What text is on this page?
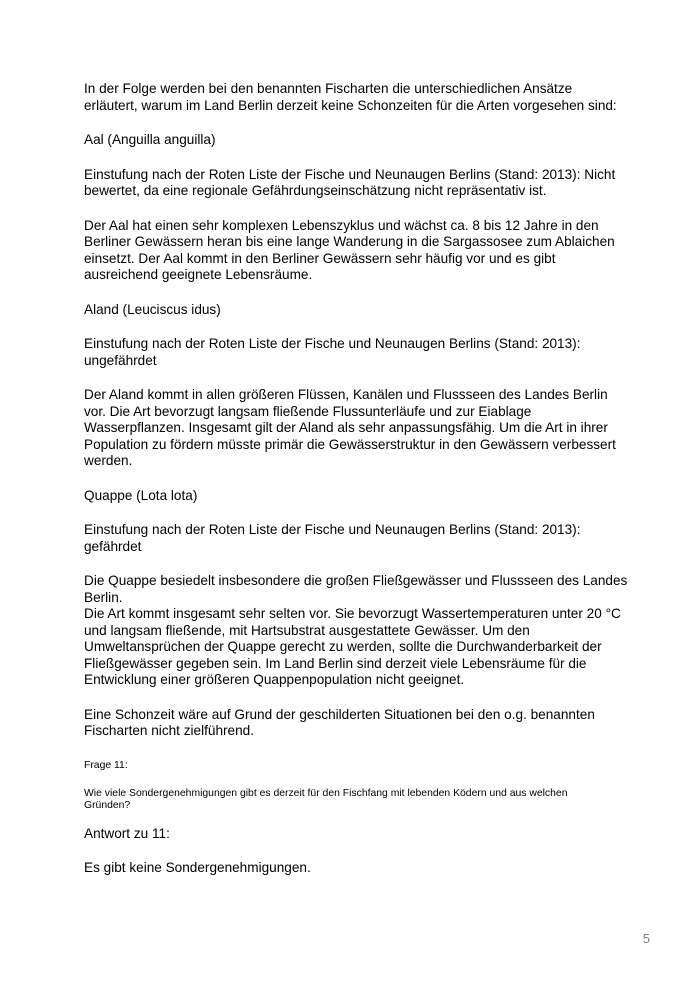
In der Folge werden bei den benannten Fischarten die unterschiedlichen Ansätze
erläutert, warum im Land Berlin derzeit keine Schonzeiten für die Arten vorgesehen sind:

Aal (Anguilla anguilla)

Einstufung nach der Roten Liste der Fische und Neunaugen Berlins (Stand: 2013): Nicht
bewertet, da eine regionale Gefährdungseinschätzung nicht repräsentativ ist.

Der Aal hat einen sehr komplexen Lebenszyklus und wächst ca. 8 bis 12 Jahre in den
Berliner Gewässern heran bis eine lange Wanderung in die Sargassosee zum Ablaichen
einsetzt. Der Aal kommt in den Berliner Gewässern sehr häufig vor und es gibt
ausreichend geeignete Lebensräume.

Aland (Leuciscus idus)

Einstufung nach der Roten Liste der Fische und Neunaugen Berlins (Stand: 2013):
ungefährdet

Der Aland kommt in allen größeren Flüssen, Kanälen und Flussseen des Landes Berlin
vor. Die Art bevorzugt langsam fließende Flussunterläufe und zur Eiablage
Wasserpflanzen. Insgesamt gilt der Aland als sehr anpassungsfähig. Um die Art in ihrer
Population zu fördern müsste primär die Gewässerstruktur in den Gewässern verbessert
werden.

Quappe (Lota lota)

Einstufung nach der Roten Liste der Fische und Neunaugen Berlins (Stand: 2013):
gefährdet

Die Quappe besiedelt insbesondere die großen Fließgewässer und Flussseen des Landes
Berlin.
Die Art kommt insgesamt sehr selten vor. Sie bevorzugt Wassertemperaturen unter 20 °C
und langsam fließende, mit Hartsubstrat ausgestattete Gewässer. Um den
Umweltansprüchen der Quappe gerecht zu werden, sollte die Durchwanderbarkeit der
Fließgewässer gegeben sein. Im Land Berlin sind derzeit viele Lebensräume für die
Entwicklung einer größeren Quappenpopulation nicht geeignet.

Eine Schonzeit wäre auf Grund der geschilderten Situationen bei den o.g. benannten
Fischarten nicht zielführend.

Frage 11:

Wie viele Sondergenehmigungen gibt es derzeit für den Fischfang mit lebenden Ködern und aus welchen
Gründen?

Antwort zu 11:

Es gibt keine Sondergenehmigungen.

5
